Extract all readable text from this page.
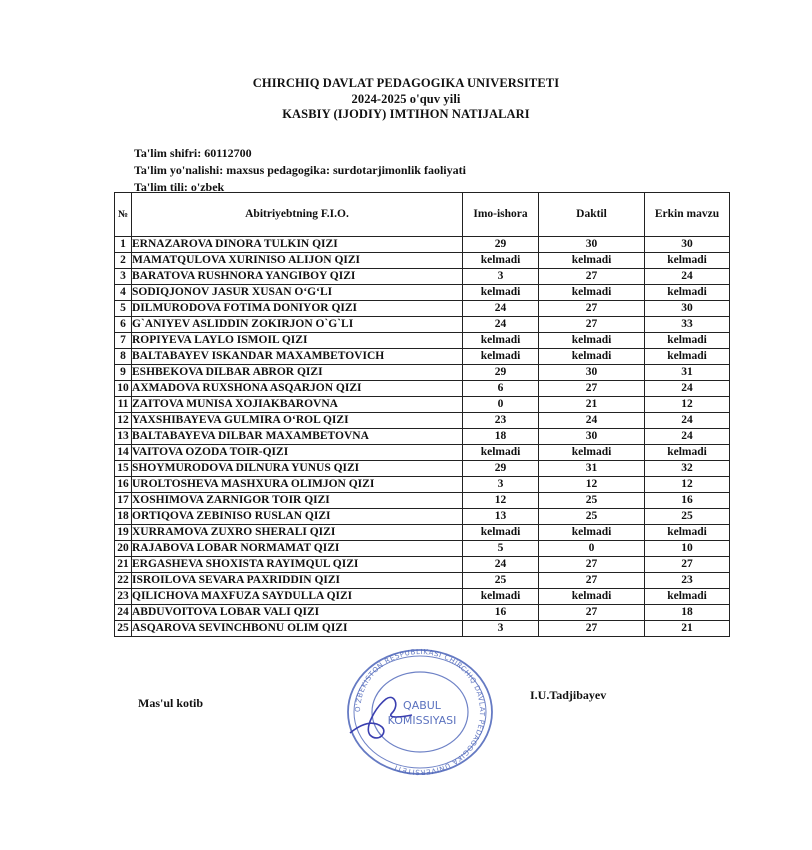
CHIRCHIQ DAVLAT PEDAGOGIKA UNIVERSITETI
2024-2025 o'quv yili
KASBIY (IJODIY) IMTIHON NATIJALARI
Ta'lim shifri: 60112700
Ta'lim yo'nalishi: maxsus pedagogika: surdotarjimonlik faoliyati
Ta'lim tili: o'zbek
№	Abitriyebtning F.I.O.	Imo-ishora	Daktil	Erkin mavzu
1	ERNAZAROVA DINORA TULKIN QIZI	29	30	30
2	MAMATQULOVA XURINISO ALIJON QIZI	kelmadi	kelmadi	kelmadi
3	BARATOVA RUSHNORA YANGIBOY QIZI	3	27	24
4	SODIQJONOV JASUR XUSAN O‘G‘LI	kelmadi	kelmadi	kelmadi
5	DILMURODOVA FOTIMA DONIYOR QIZI	24	27	30
6	G`ANIYEV ASLIDDIN ZOKIRJON O`G`LI	24	27	33
7	ROPIYEVA LAYLO ISMOIL QIZI	kelmadi	kelmadi	kelmadi
8	BALTABAYEV ISKANDAR MAXAMBETOVICH	kelmadi	kelmadi	kelmadi
9	ESHBEKOVA DILBAR ABROR QIZI	29	30	31
10	AXMADOVA RUXSHONA ASQARJON QIZI	6	27	24
11	ZAITOVA MUNISA XOJIAKBAROVNA	0	21	12
12	YAXSHIBAYEVA GULMIRA O‘ROL QIZI	23	24	24
13	BALTABAYEVA DILBAR MAXAMBETOVNA	18	30	24
14	VAITOVA OZODA TOIR-QIZI	kelmadi	kelmadi	kelmadi
15	SHOYMURODOVA DILNURA YUNUS QIZI	29	31	32
16	UROLTOSHEVA MASHXURA OLIMJON QIZI	3	12	12
17	XOSHIMOVA ZARNIGOR TOIR QIZI	12	25	16
18	ORTIQOVA ZEBINISO RUSLAN QIZI	13	25	25
19	XURRAMOVA ZUXRO SHERALI QIZI	kelmadi	kelmadi	kelmadi
20	RAJABOVA LOBAR NORMAMAT QIZI	5	0	10
21	ERGASHEVA SHOXISTA RAYIMQUL QIZI	24	27	27
22	ISROILOVA SEVARA PAXRIDDIN QIZI	25	27	23
23	QILICHOVA MAXFUZA SAYDULLA QIZI	kelmadi	kelmadi	kelmadi
24	ABDUVOITOVA LOBAR VALI QIZI	16	27	18
25	ASQAROVA SEVINCHBONU OLIM QIZI	3	27	21
Mas'ul kotib
I.U.Tadjibayev
O'ZBEKISTON RESPUBLIKASI CHIRCHIQ DAVLAT PEDAGOGIKA UNIVERSITETI
QABUL
KOMISSIYASI
